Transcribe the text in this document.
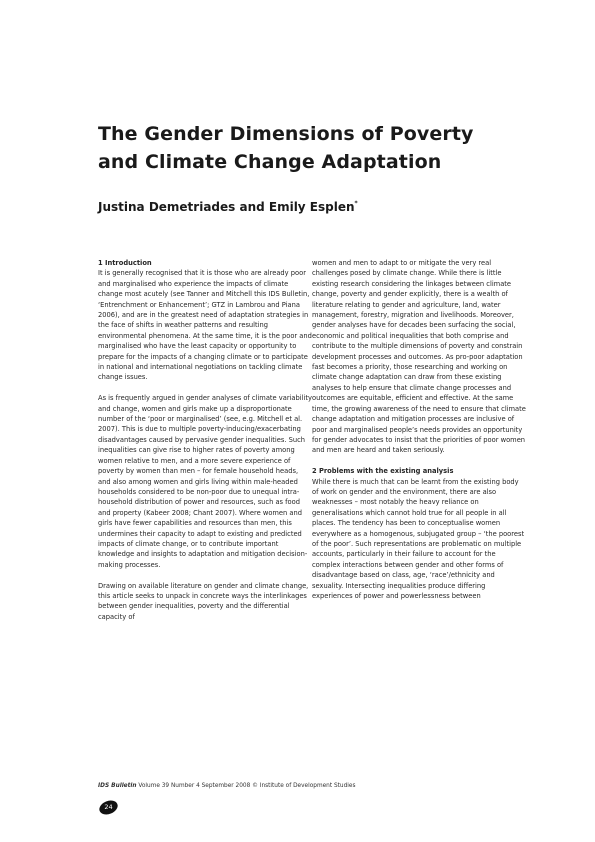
The Gender Dimensions of Poverty and Climate Change Adaptation
Justina Demetriades and Emily Esplen*

1 Introduction

It is generally recognised that it is those who are already poor and marginalised who experience the impacts of climate change most acutely (see Tanner and Mitchell this IDS Bulletin, ‘Entrenchment or Enhancement’; GTZ in Lambrou and Piana 2006), and are in the greatest need of adaptation strategies in the face of shifts in weather patterns and resulting environmental phenomena. At the same time, it is the poor and marginalised who have the least capacity or opportunity to prepare for the impacts of a changing climate or to participate in national and international negotiations on tackling climate change issues.

As is frequently argued in gender analyses of climate variability and change, women and girls make up a disproportionate number of the ‘poor or marginalised’ (see, e.g. Mitchell et al. 2007). This is due to multiple poverty-inducing/exacerbating disadvantages caused by pervasive gender inequalities. Such inequalities can give rise to higher rates of poverty among women relative to men, and a more severe experience of poverty by women than men – for female household heads, and also among women and girls living within male-headed households considered to be non-poor due to unequal intra-household distribution of power and resources, such as food and property (Kabeer 2008; Chant 2007). Where women and girls have fewer capabilities and resources than men, this undermines their capacity to adapt to existing and predicted impacts of climate change, or to contribute important knowledge and insights to adaptation and mitigation decision-making processes.

Drawing on available literature on gender and climate change, this article seeks to unpack in concrete ways the interlinkages between gender inequalities, poverty and the differential capacity of

women and men to adapt to or mitigate the very real challenges posed by climate change. While there is little existing research considering the linkages between climate change, poverty and gender explicitly, there is a wealth of literature relating to gender and agriculture, land, water management, forestry, migration and livelihoods. Moreover, gender analyses have for decades been surfacing the social, economic and political inequalities that both comprise and contribute to the multiple dimensions of poverty and constrain development processes and outcomes. As pro-poor adaptation fast becomes a priority, those researching and working on climate change adaptation can draw from these existing analyses to help ensure that climate change processes and outcomes are equitable, efficient and effective. At the same time, the growing awareness of the need to ensure that climate change adaptation and mitigation processes are inclusive of poor and marginalised people’s needs provides an opportunity for gender advocates to insist that the priorities of poor women and men are heard and taken seriously.

2 Problems with the existing analysis

While there is much that can be learnt from the existing body of work on gender and the environment, there are also weaknesses – most notably the heavy reliance on generalisations which cannot hold true for all people in all places. The tendency has been to conceptualise women everywhere as a homogenous, subjugated group – ‘the poorest of the poor’. Such representations are problematic on multiple accounts, particularly in their failure to account for the complex interactions between gender and other forms of disadvantage based on class, age, ‘race’/ethnicity and sexuality. Intersecting inequalities produce differing experiences of power and powerlessness between

IDS Bulletin Volume 39 Number 4 September 2008 © Institute of Development Studies
24
